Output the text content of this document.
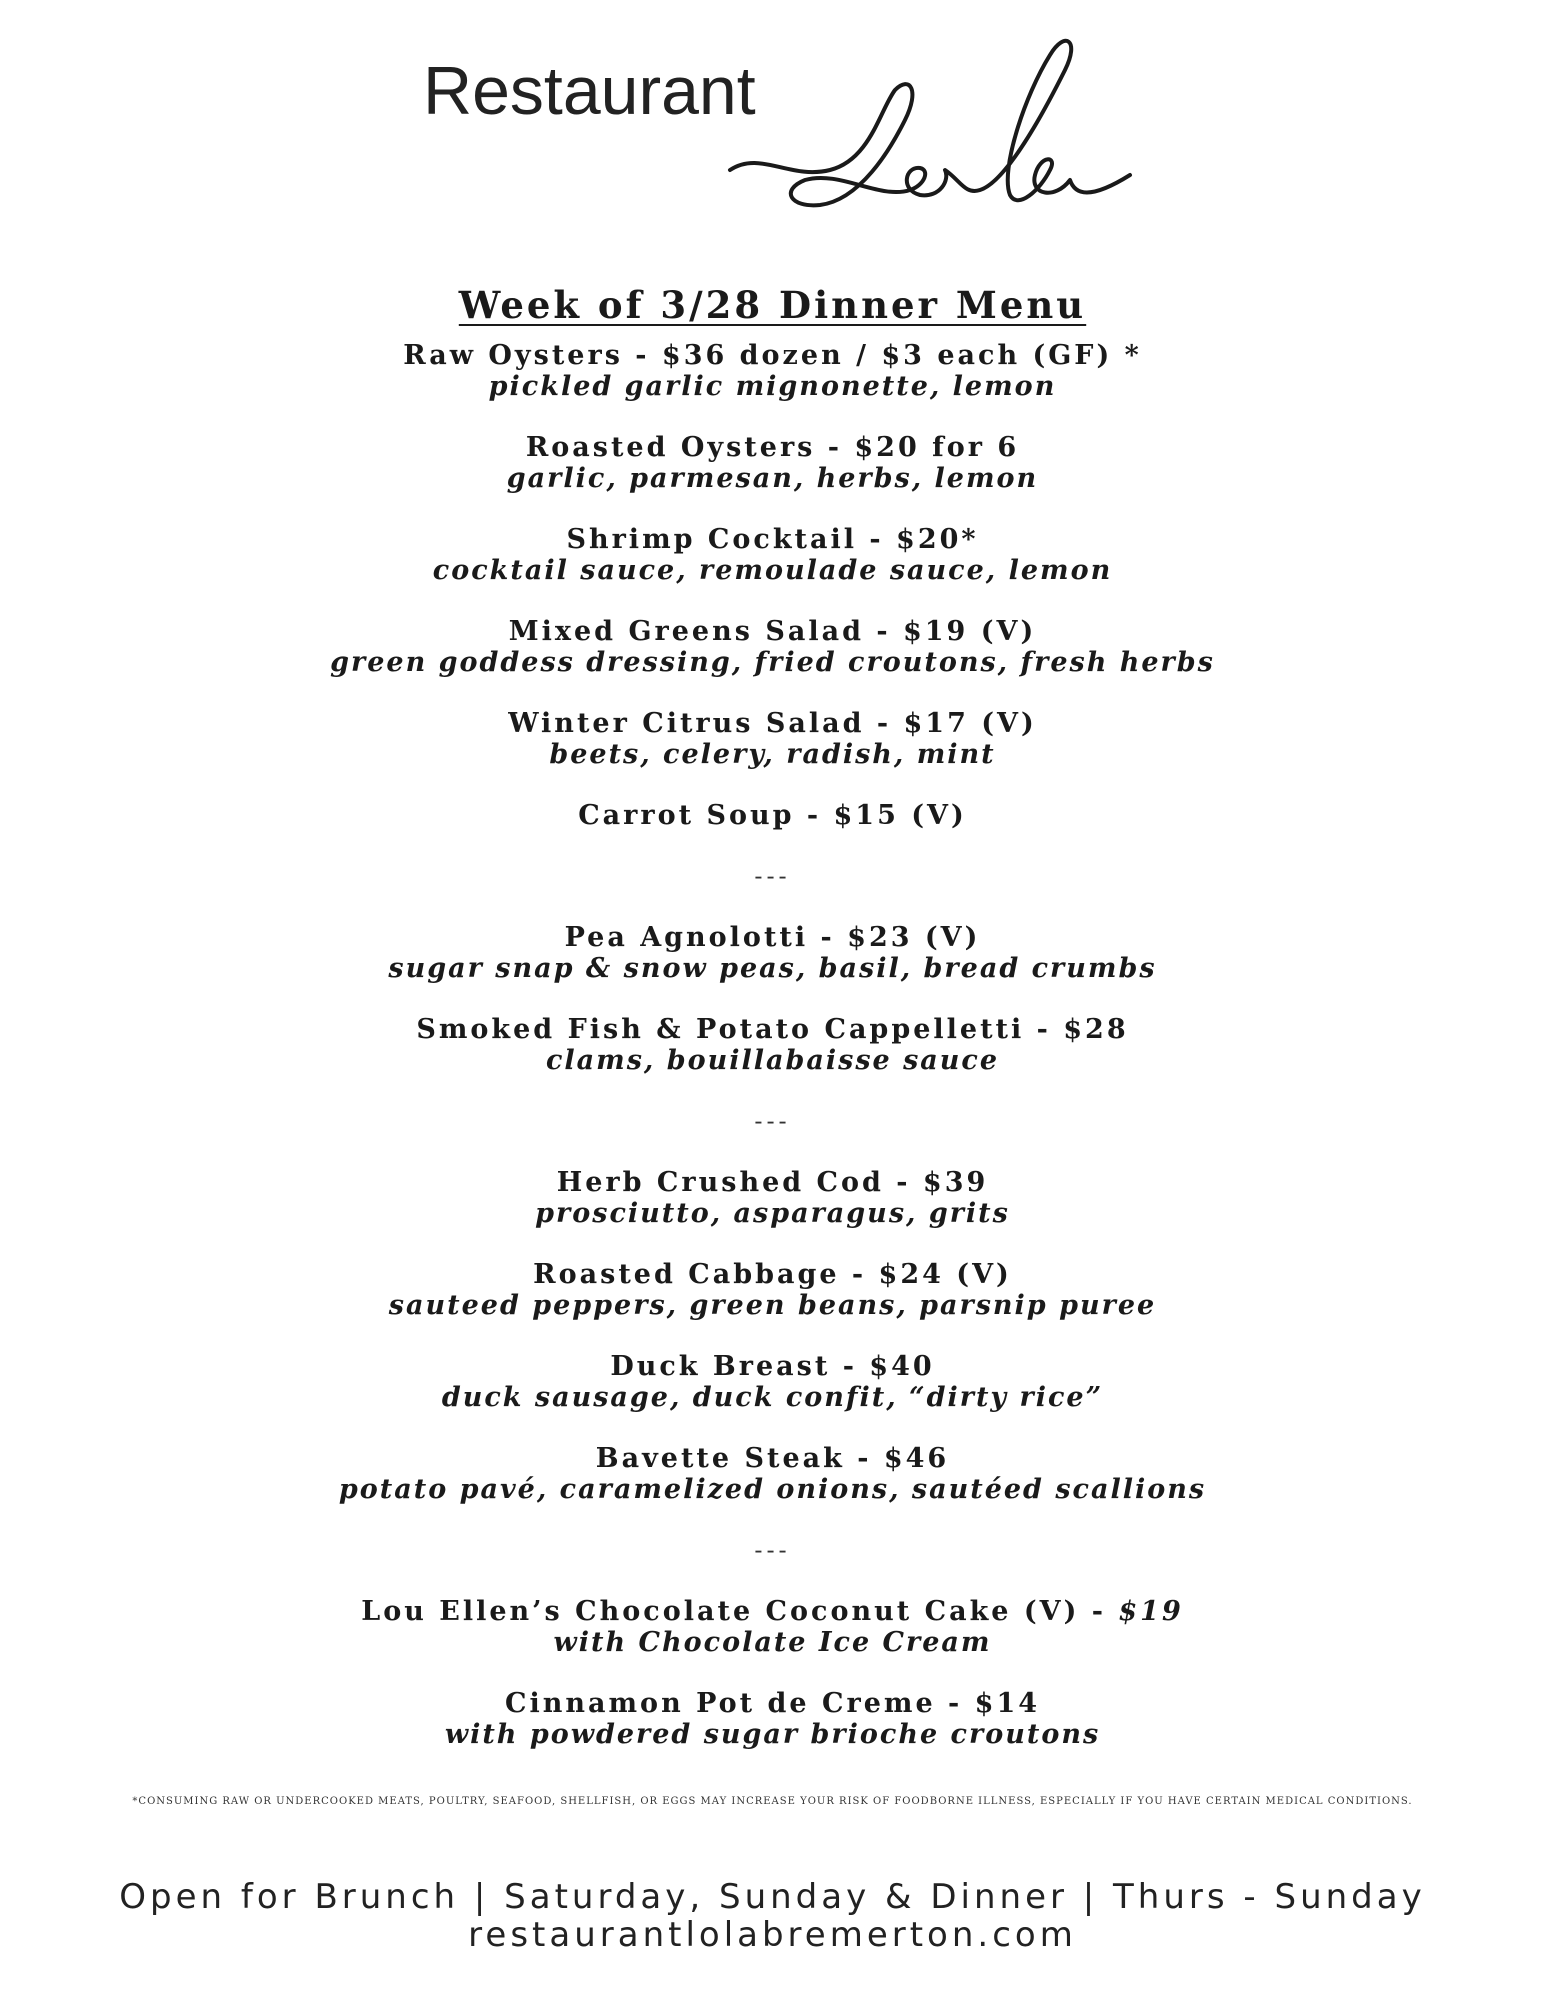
Restaurant
Week of 3/28 Dinner Menu
Raw Oysters - $36 dozen / $3 each (GF) *
pickled garlic mignonette, lemon
Roasted Oysters - $20 for 6
garlic, parmesan, herbs, lemon
Shrimp Cocktail - $20*
cocktail sauce, remoulade sauce, lemon
Mixed Greens Salad - $19 (V)
green goddess dressing, fried croutons, fresh herbs
Winter Citrus Salad - $17 (V)
beets, celery, radish, mint
Carrot Soup - $15 (V)
---
Pea Agnolotti - $23 (V)
sugar snap & snow peas, basil, bread crumbs
Smoked Fish & Potato Cappelletti - $28
clams, bouillabaisse sauce
---
Herb Crushed Cod - $39
prosciutto, asparagus, grits
Roasted Cabbage - $24 (V)
sauteed peppers, green beans, parsnip puree
Duck Breast - $40
duck sausage, duck confit, “dirty rice”
Bavette Steak - $46
potato pavé, caramelized onions, sautéed scallions
---
Lou Ellen’s Chocolate Coconut Cake (V) - $19
with Chocolate Ice Cream
Cinnamon Pot de Creme - $14
with powdered sugar brioche croutons
*CONSUMING RAW OR UNDERCOOKED MEATS, POULTRY, SEAFOOD, SHELLFISH, OR EGGS MAY INCREASE YOUR RISK OF FOODBORNE ILLNESS, ESPECIALLY IF YOU HAVE CERTAIN MEDICAL CONDITIONS.
Open for Brunch | Saturday, Sunday & Dinner | Thurs - Sunday
restaurantlolabremerton.com
